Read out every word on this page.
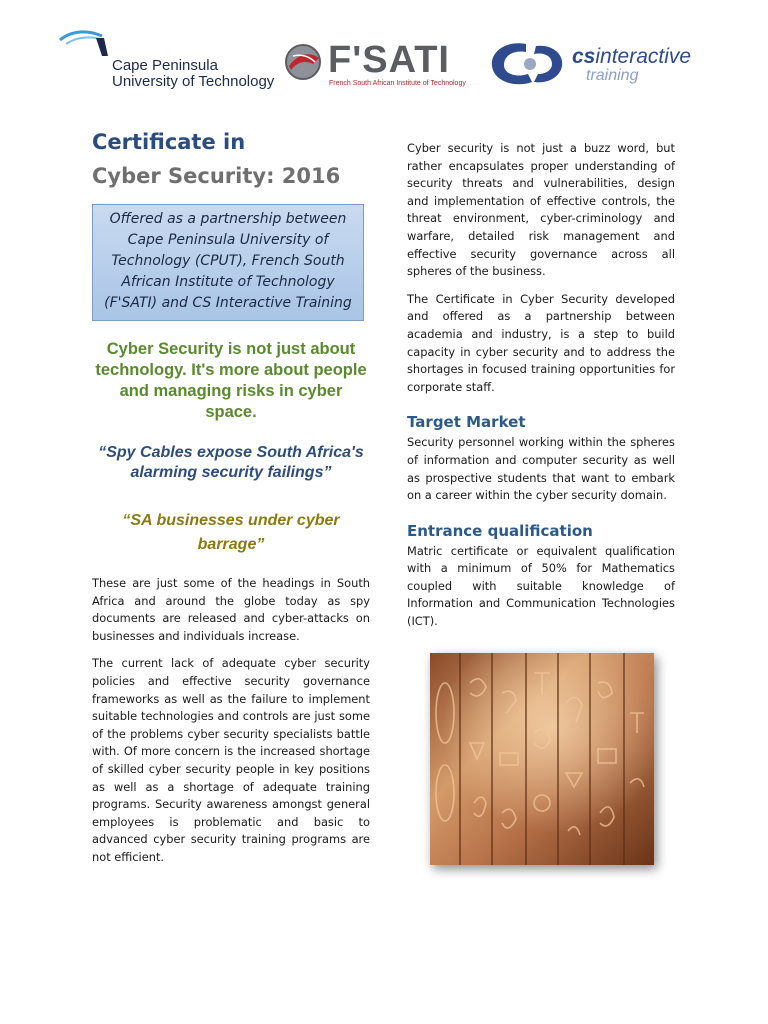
Cape Peninsula
University of Technology
F'SATI
French South African Institute of Technology
csinteractive
training
Certificate in
Cyber Security: 2016
Offered as a partnership between Cape Peninsula University of Technology (CPUT), French South African Institute of Technology (F'SATI) and CS Interactive Training
Cyber Security is not just about technology. It's more about people and managing risks in cyber space.
“Spy Cables expose South Africa's alarming security failings”
“SA businesses under cyber barrage”

These are just some of the headings in South Africa and around the globe today as spy documents are released and cyber-attacks on businesses and individuals increase.

The current lack of adequate cyber security policies and effective security governance frameworks as well as the failure to implement suitable technologies and controls are just some of the problems cyber security specialists battle with. Of more concern is the increased shortage of skilled cyber security people in key positions as well as a shortage of adequate training programs. Security awareness amongst general employees is problematic and basic to advanced cyber security training programs are not efficient.

Cyber security is not just a buzz word, but rather encapsulates proper understanding of security threats and vulnerabilities, design and implementation of effective controls, the threat environment, cyber-criminology and warfare, detailed risk management and effective security governance across all spheres of the business.

The Certificate in Cyber Security developed and offered as a partnership between academia and industry, is a step to build capacity in cyber security and to address the shortages in focused training opportunities for corporate staff.

Target Market

Security personnel working within the spheres of information and computer security as well as prospective students that want to embark on a career within the cyber security domain.

Entrance qualification

Matric certificate or equivalent qualification with a minimum of 50% for Mathematics coupled with suitable knowledge of Information and Communication Technologies (ICT).
